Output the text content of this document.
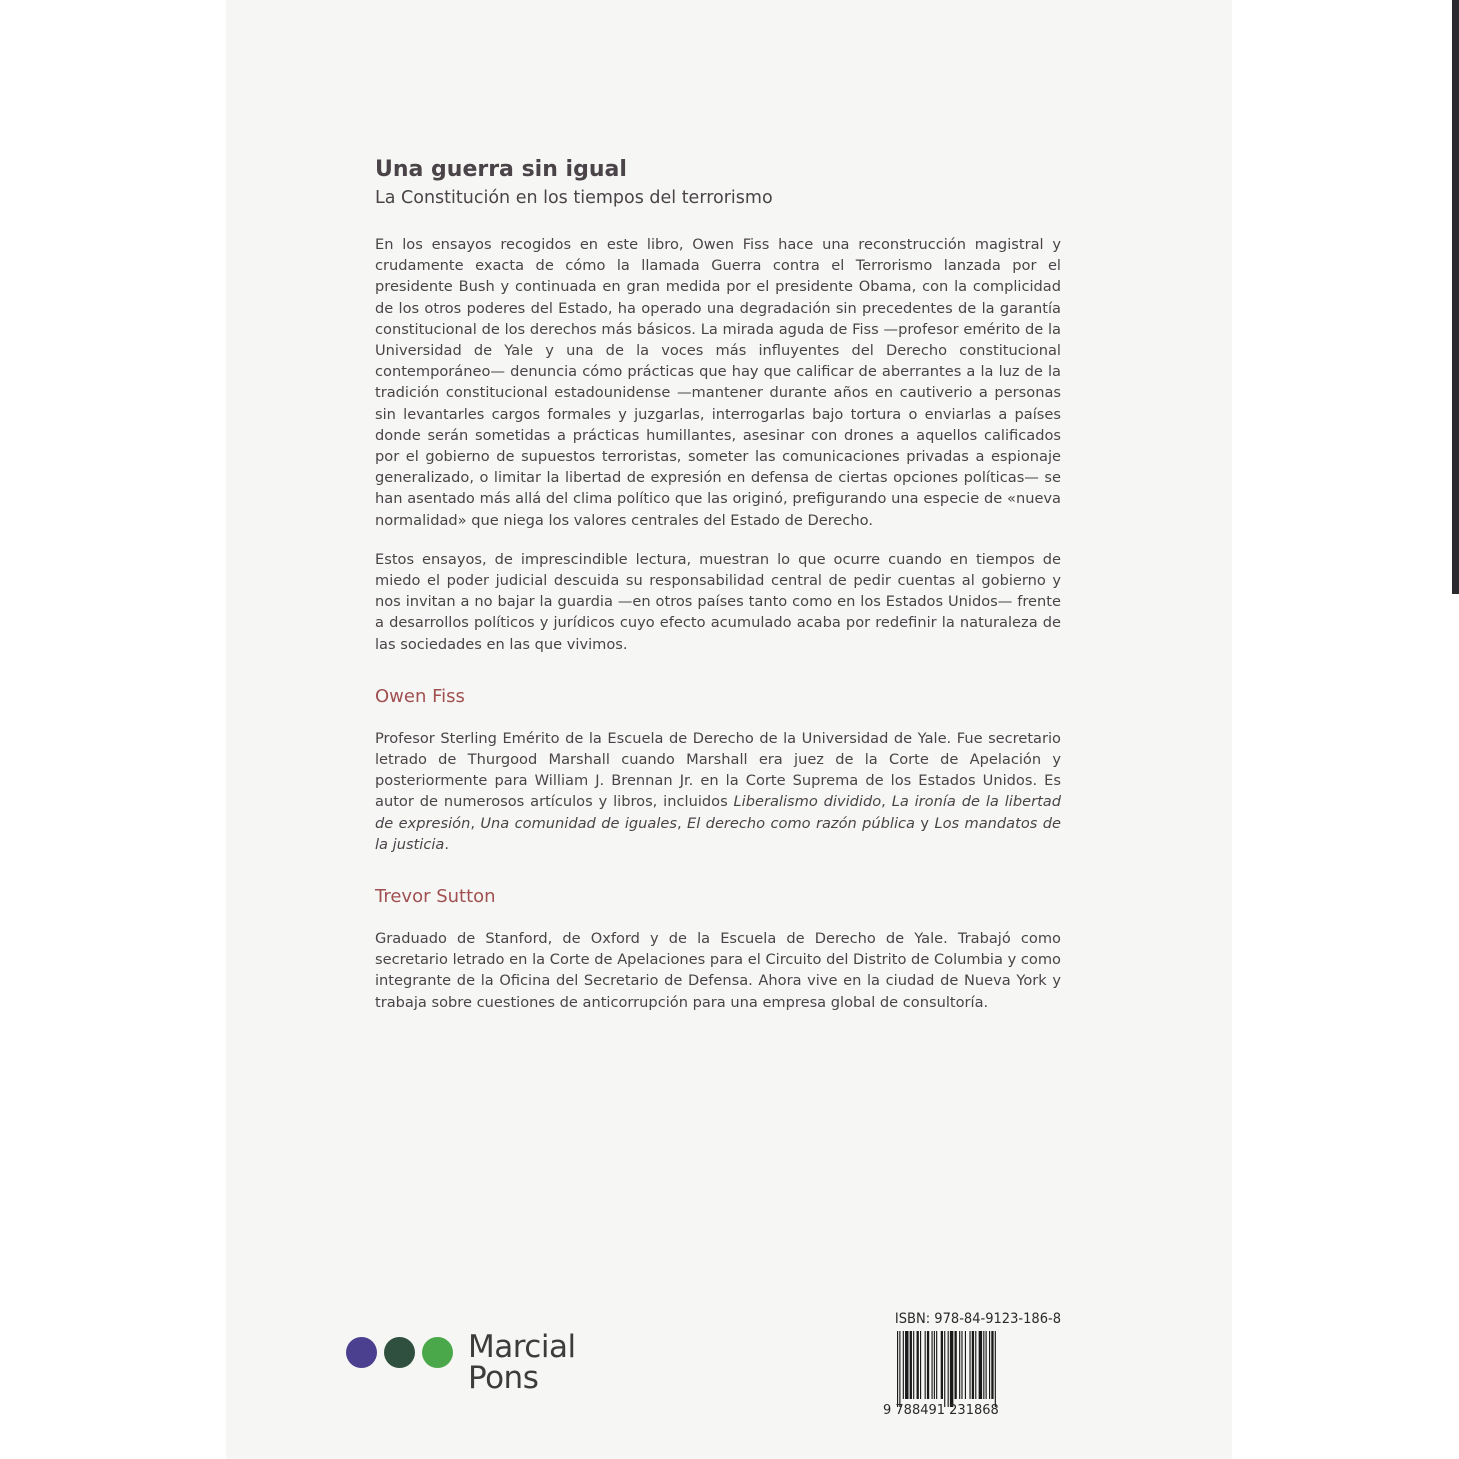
Una guerra sin igual
La Constitución en los tiempos del terrorismo

En los ensayos recogidos en este libro, Owen Fiss hace una reconstrucción magistral y crudamente exacta de cómo la llamada Guerra contra el Terrorismo lanzada por el presidente Bush y continuada en gran medida por el presidente Obama, con la complicidad de los otros poderes del Estado, ha operado una degradación sin precedentes de la garantía constitucional de los derechos más básicos. La mirada aguda de Fiss —profesor emérito de la Universidad de Yale y una de la voces más influyentes del Derecho constitucional contemporáneo— denuncia cómo prácticas que hay que calificar de aberrantes a la luz de la tradición constitucional estadounidense —mantener durante años en cautiverio a personas sin levantarles cargos formales y juzgarlas, interrogarlas bajo tortura o enviarlas a países donde serán sometidas a prácticas humillantes, asesinar con drones a aquellos calificados por el gobierno de supuestos terroristas, someter las comunicaciones privadas a espionaje generalizado, o limitar la libertad de expresión en defensa de ciertas opciones políticas— se han asentado más allá del clima político que las originó, prefigurando una especie de «nueva normalidad» que niega los valores centrales del Estado de Derecho.

Estos ensayos, de imprescindible lectura, muestran lo que ocurre cuando en tiempos de miedo el poder judicial descuida su responsabilidad central de pedir cuentas al gobierno y nos invitan a no bajar la guardia —en otros países tanto como en los Estados Unidos— frente a desarrollos políticos y jurídicos cuyo efecto acumulado acaba por redefinir la naturaleza de las sociedades en las que vivimos.

Owen Fiss

Profesor Sterling Emérito de la Escuela de Derecho de la Universidad de Yale. Fue secretario letrado de Thurgood Marshall cuando Marshall era juez de la Corte de Apelación y posteriormente para William J. Brennan Jr. en la Corte Suprema de los Estados Unidos. Es autor de numerosos artículos y libros, incluidos Liberalismo dividido, La ironía de la libertad de expresión, Una comunidad de iguales, El derecho como razón pública y Los mandatos de la justicia.

Trevor Sutton

Graduado de Stanford, de Oxford y de la Escuela de Derecho de Yale. Trabajó como secretario letrado en la Corte de Apelaciones para el Circuito del Distrito de Columbia y como integrante de la Oficina del Secretario de Defensa. Ahora vive en la ciudad de Nueva York y trabaja sobre cuestiones de anticorrupción para una empresa global de consultoría.

Marcial
Pons
ISBN: 978-84-9123-186-8
9 788491 231868
